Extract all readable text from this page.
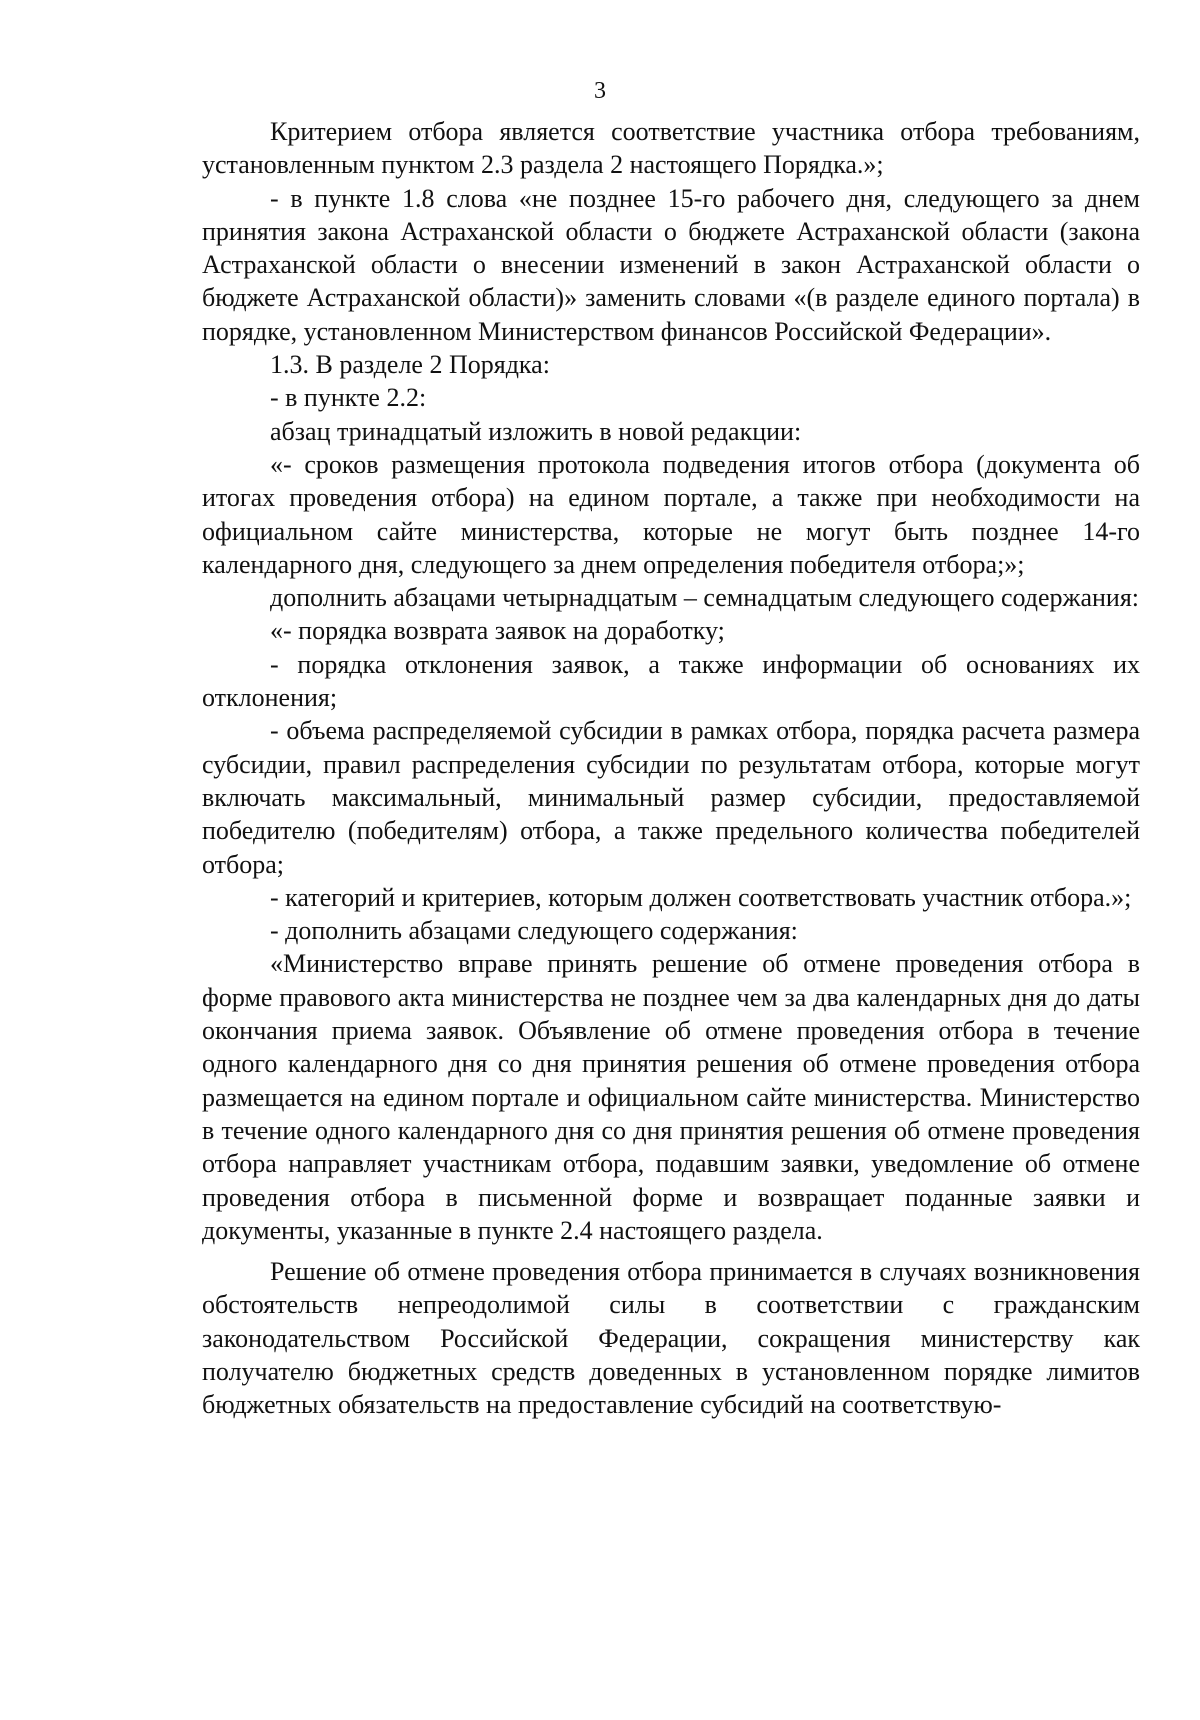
3

Критерием отбора является соответствие участника отбора требованиям, установленным пунктом 2.3 раздела 2 настоящего Порядка.»;

- в пункте 1.8 слова «не позднее 15-го рабочего дня, следующего за днем принятия закона Астраханской области о бюджете Астраханской области (закона Астраханской области о внесении изменений в закон Астраханской области о бюджете Астраханской области)» заменить словами «(в разделе единого портала) в порядке, установленном Министерством финансов Российской Федерации».

1.3. В разделе 2 Порядка:

- в пункте 2.2:

абзац тринадцатый изложить в новой редакции:

«- сроков размещения протокола подведения итогов отбора (документа об итогах проведения отбора) на едином портале, а также при необходимости на официальном сайте министерства, которые не могут быть позднее 14-го календарного дня, следующего за днем определения победителя отбора;»;

дополнить абзацами четырнадцатым – семнадцатым следующего содержания:

«- порядка возврата заявок на доработку;

- порядка отклонения заявок, а также информации об основаниях их отклонения;

- объема распределяемой субсидии в рамках отбора, порядка расчета размера субсидии, правил распределения субсидии по результатам отбора, которые могут включать максимальный, минимальный размер субсидии, предоставляемой победителю (победителям) отбора, а также предельного количества победителей отбора;

- категорий и критериев, которым должен соответствовать участник отбора.»;

- дополнить абзацами следующего содержания:

«Министерство вправе принять решение об отмене проведения отбора в форме правового акта министерства не позднее чем за два календарных дня до даты окончания приема заявок. Объявление об отмене проведения отбора в течение одного календарного дня со дня принятия решения об отмене проведения отбора размещается на едином портале и официальном сайте министерства. Министерство в течение одного календарного дня со дня принятия решения об отмене проведения отбора направляет участникам отбора, подавшим заявки, уведомление об отмене проведения отбора в письменной форме и возвращает поданные заявки и документы, указанные в пункте 2.4 настоящего раздела.

Решение об отмене проведения отбора принимается в случаях возникновения обстоятельств непреодолимой силы в соответствии с гражданским законодательством Российской Федерации, сокращения министерству как получателю бюджетных средств доведенных в установленном порядке лимитов бюджетных обязательств на предоставление субсидий на соответствую-
